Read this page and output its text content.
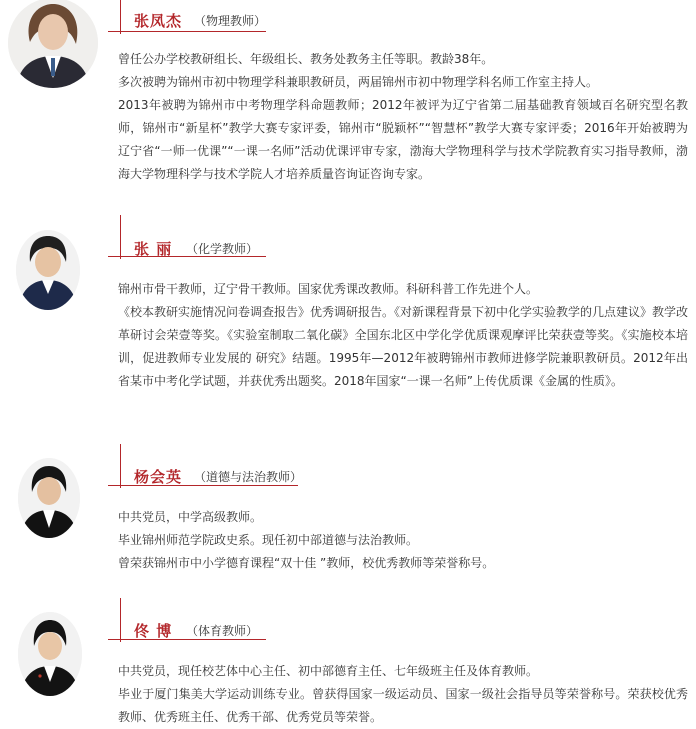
张凤杰 （物理教师）

曾任公办学校教研组长、年级组长、教务处教务主任等职。教龄38年。

多次被聘为锦州市初中物理学科兼职教研员，两届锦州市初中物理学科名师工作室主持人。

2013年被聘为锦州市中考物理学科命题教师；2012年被评为辽宁省第二届基础教育领域百名研究型名教师，锦州市“新星杯”教学大赛专家评委，锦州市“脱颖杯”“智慧杯”教学大赛专家评委；2016年开始被聘为辽宁省“一师一优课”“一课一名师”活动优课评审专家，渤海大学物理科学与技术学院教育实习指导教师，渤海大学物理科学与技术学院人才培养质量咨询证咨询专家。

张 丽 （化学教师）

锦州市骨干教师，辽宁骨干教师。国家优秀课改教师。科研科普工作先进个人。

《校本教研实施情况问卷调查报告》优秀调研报告。《对新课程背景下初中化学实验教学的几点建议》教学改革研讨会荣壹等奖。《实验室制取二氧化碳》全国东北区中学化学优质课观摩评比荣获壹等奖。《实施校本培训，促进教师专业发展的 研究》结题。1995年—2012年被聘锦州市教师进修学院兼职教研员。2012年出省某市中考化学试题，并获优秀出题奖。2018年国家“一课一名师”上传优质课《金属的性质》。

杨会英 （道德与法治教师）

中共党员，中学高级教师。

毕业锦州师范学院政史系。现任初中部道德与法治教师。

曾荣获锦州市中小学德育课程“双十佳 ”教师，校优秀教师等荣誉称号。

佟 博 （体育教师）

中共党员，现任校艺体中心主任、初中部德育主任、七年级班主任及体育教师。

毕业于厦门集美大学运动训练专业。曾获得国家一级运动员、国家一级社会指导员等荣誉称号。荣获校优秀教师、优秀班主任、优秀干部、优秀党员等荣誉。
